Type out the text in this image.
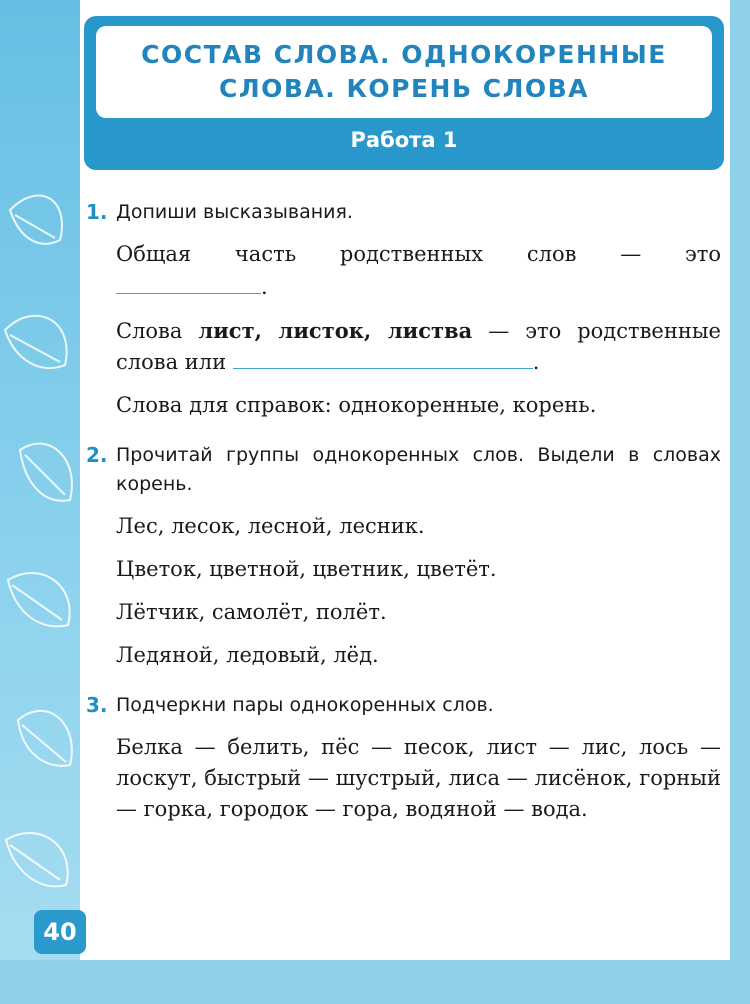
СОСТАВ СЛОВА. ОДНОКОРЕННЫЕ
СЛОВА. КОРЕНЬ СЛОВА
Работа 1
1. Допиши высказывания.
Общая часть родственных слов — это
.
Слова лист, листок, листва — это родственные слова или	.
Слова для справок: однокоренные, корень.
2. Прочитай группы однокоренных слов. Выдели в словах корень.
Лес, лесок, лесной, лесник.
Цветок, цветной, цветник, цветёт.
Лётчик, самолёт, полёт.
Ледяной, ледовый, лёд.
3. Подчеркни пары однокоренных слов.
Белка — белить, пёс — песок, лист — лис, лось — лоскут, быстрый — шустрый, лиса — лисёнок, горный — горка, городок — гора, водяной — вода.
40
